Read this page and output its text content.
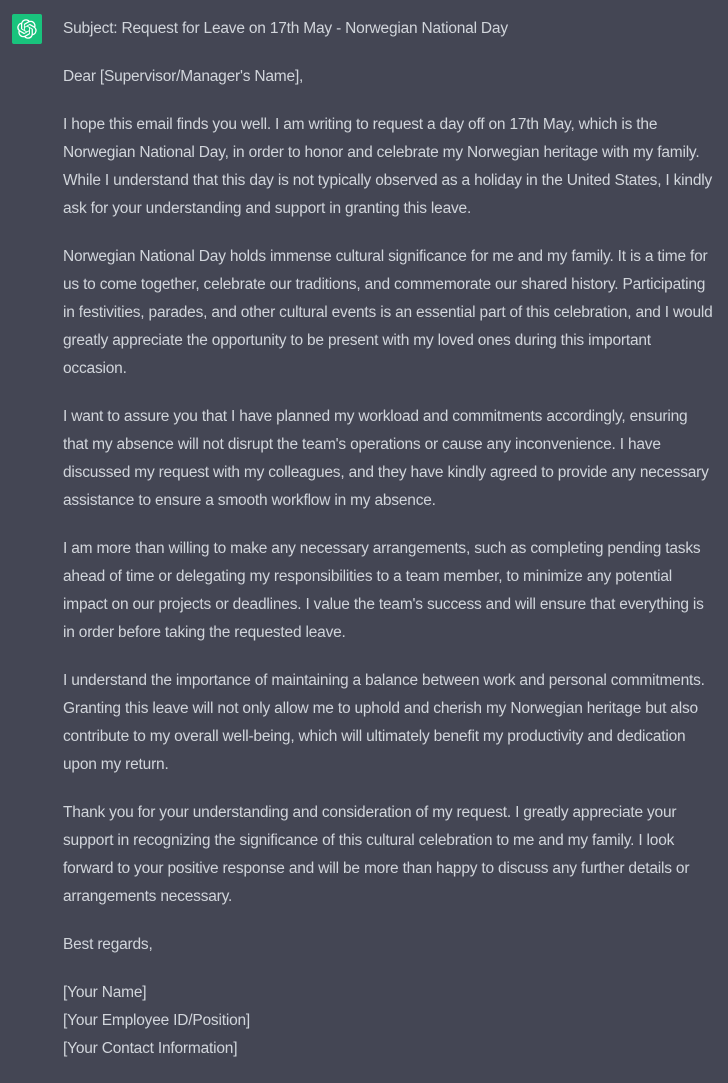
Subject: Request for Leave on 17th May - Norwegian National Day

Dear [Supervisor/Manager's Name],

I hope this email finds you well. I am writing to request a day off on 17th May, which is the Norwegian National Day, in order to honor and celebrate my Norwegian heritage with my family. While I understand that this day is not typically observed as a holiday in the United States, I kindly ask for your understanding and support in granting this leave.

Norwegian National Day holds immense cultural significance for me and my family. It is a time for us to come together, celebrate our traditions, and commemorate our shared history. Participating in festivities, parades, and other cultural events is an essential part of this celebration, and I would greatly appreciate the opportunity to be present with my loved ones during this important occasion.

I want to assure you that I have planned my workload and commitments accordingly, ensuring that my absence will not disrupt the team's operations or cause any inconvenience. I have discussed my request with my colleagues, and they have kindly agreed to provide any necessary assistance to ensure a smooth workflow in my absence.

I am more than willing to make any necessary arrangements, such as completing pending tasks ahead of time or delegating my responsibilities to a team member, to minimize any potential impact on our projects or deadlines. I value the team's success and will ensure that everything is in order before taking the requested leave.

I understand the importance of maintaining a balance between work and personal commitments. Granting this leave will not only allow me to uphold and cherish my Norwegian heritage but also contribute to my overall well-being, which will ultimately benefit my productivity and dedication upon my return.

Thank you for your understanding and consideration of my request. I greatly appreciate your support in recognizing the significance of this cultural celebration to me and my family. I look forward to your positive response and will be more than happy to discuss any further details or arrangements necessary.

Best regards,

[Your Name]
[Your Employee ID/Position]
[Your Contact Information]
